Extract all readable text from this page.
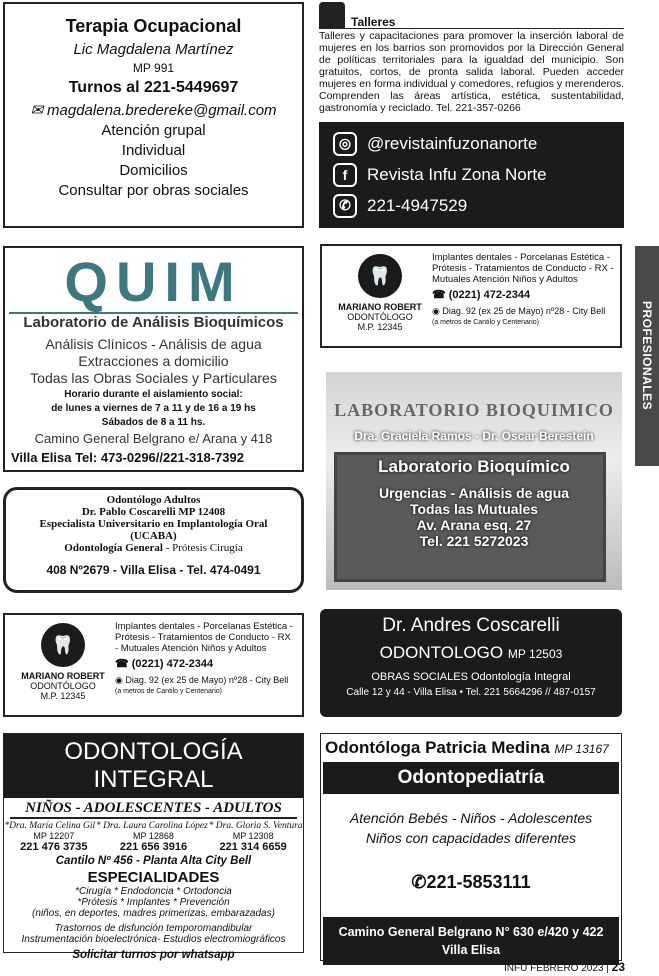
Terapia Ocupacional
Lic Magdalena Martínez
MP 991
Turnos al 221-5449697
✉ magdalena.bredereke@gmail.com
Atención grupal
Individual
Domicilios
Consultar por obras sociales
Talleres
Talleres y capacitaciones para promover la inserción laboral de mujeres en los barrios son promovidos por la Dirección General de políticas territoriales para la igualdad del municipio. Son gratuitos, cortos, de pronta salida laboral. Pueden acceder mujeres en forma individual y comedores, refugios y merenderos. Comprenden las áreas artística, estética, sustentabilidad, gastronomía y reciclado. Tel. 221-357-0266
◎ @revistainfuzonanorte
f	Revista Infu Zona Norte
✆ 221-4947529
QUIM
Laboratorio de Análisis Bioquímicos
Análisis Clínicos - Análisis de agua
Extracciones a domicilio
Todas las Obras Sociales y Particulares
Horario durante el aislamiento social:
de lunes a viernes de 7 a 11 y de 16 a 19 hs
Sábados de 8 a 11 hs.
Camino General Belgrano e/ Arana y 418
Villa Elisa Tel: 473-0296//221-318-7392
🦷
MARIANO ROBERT
ODONTÓLOGO
M.P. 12345
Implantes dentales - Porcelanas Estética - Prótesis - Tratamientos de Conducto - RX - Mutuales Atención Niños y Adultos
☎ (0221) 472-2344
◉ Diag. 92 (ex 25 de Mayo) nº28 - City Bell
(a metros de Cantilo y Centenario)
LABORATORIO BIOQUIMICO
Dra. Graciela Ramos - Dr. Oscar Berestein
Laboratorio Bioquímico
Urgencias - Análisis de agua
Todas las Mutuales
Av. Arana esq. 27
Tel. 221 5272023
Odontólogo Adultos
Dr. Pablo Coscarelli MP 12408
Especialista Universitario en Implantología Oral
(UCABA)
Odontología General - Prótesis Cirugía
408 Nº2679 - Villa Elisa - Tel. 474-0491
🦷
MARIANO ROBERT
ODONTÓLOGO
M.P. 12345
Implantes dentales - Porcelanas Estética - Prótesis - Tratamientos de Conducto - RX - Mutuales Atención Niños y Adultos
☎ (0221) 472-2344
◉ Diag. 92 (ex 25 de Mayo) nº28 - City Bell
(a metros de Cantilo y Centenario)
Dr. Andres Coscarelli
ODONTOLOGO MP 12503
OBRAS SOCIALES Odontología Integral
Calle 12 y 44 - Villa Elisa • Tel. 221 5664296 // 487-0157
ODONTOLOGÍA INTEGRAL
NIÑOS - ADOLESCENTES - ADULTOS
*Dra. María Celina Gil * Dra. Laura Carolina López * Dra. Gloria S. Ventura
MP 12207	MP 12868	MP 12308
221 476 3735	221 656 3916	221 314 6659
Cantilo Nº 456 - Planta Alta City Bell
ESPECIALIDADES
*Cirugía * Endodoncia * Ortodoncia
*Prótesis * Implantes * Prevención
(niños, en deportes, madres primerizas, embarazadas)
Trastornos de disfunción temporomandibular
Instrumentación bioelectrónica- Estudios electromiográficos
Solicitar turnos por whatsapp
Odontóloga Patricia Medina MP 13167
Odontopediatría
Atención Bebés - Niños - Adolescentes
Niños con capacidades diferentes
✆221-5853111
Camino General Belgrano N° 630 e/420 y 422
Villa Elisa
PROFESIONALES
INFU FEBRERO 2023 | 23
